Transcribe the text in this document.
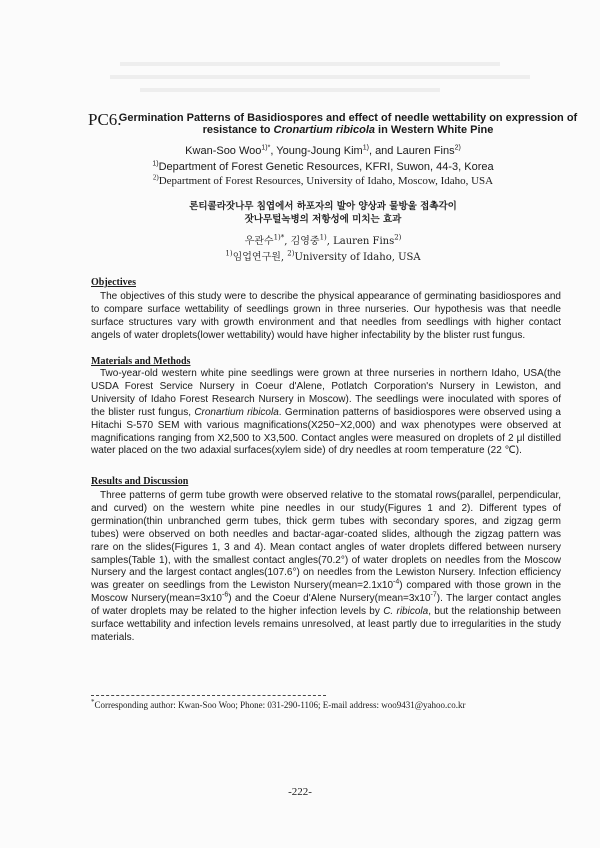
PC6.
Germination Patterns of Basidiospores and effect of needle wettability on expression of resistance to Cronartium ribicola in Western White Pine
Kwan-Soo Woo$^{1)*}$, Young-Joung Kim$^{1)}$, and Lauren Fins$^{2)}$
$^{1)}$Department of Forest Genetic Resources, KFRI, Suwon, 44-3, Korea
$^{2)}$Department of Forest Resources, University of Idaho, Moscow, Idaho, USA
론티콜라잣나무 침엽에서 하포자의 발아 양상과 물방울 접촉각이
잣나무털녹병의 저항성에 미치는 효과
우관수$^{1)*}$, 김영중$^{1)}$, Lauren Fins$^{2)}$
$^{1)}$임업연구원, $^{2)}$University of Idaho, USA
Objectives
The objectives of this study were to describe the physical appearance of germinating basidiospores and to compare surface wettability of seedlings grown in three nurseries. Our hypothesis was that needle surface structures vary with growth environment and that needles from seedlings with higher contact angels of water droplets(lower wettability) would have higher infectability by the blister rust fungus.
Materials and Methods
Two-year-old western white pine seedlings were grown at three nurseries in northern Idaho, USA(the USDA Forest Service Nursery in Coeur d'Alene, Potlatch Corporation's Nursery in Lewiston, and University of Idaho Forest Research Nursery in Moscow). The seedlings were inoculated with spores of the blister rust fungus, Cronartium ribicola. Germination patterns of basidiospores were observed using a Hitachi S-570 SEM with various magnifications(X250~X2,000) and wax phenotypes were observed at magnifications ranging from X2,500 to X3,500. Contact angles were measured on droplets of 2 μl distilled water placed on the two adaxial surfaces(xylem side) of dry needles at room temperature (22 ℃).
Results and Discussion
Three patterns of germ tube growth were observed relative to the stomatal rows(parallel, perpendicular, and curved) on the western white pine needles in our study(Figures 1 and 2). Different types of germination(thin unbranched germ tubes, thick germ tubes with secondary spores, and zigzag germ tubes) were observed on both needles and bactar-agar-coated slides, although the zigzag pattern was rare on the slides(Figures 1, 3 and 4). Mean contact angles of water droplets differed between nursery samples(Table 1), with the smallest contact angles(70.2°) of water droplets on needles from the Moscow Nursery and the largest contact angles(107.6°) on needles from the Lewiston Nursery. Infection efficiency was greater on seedlings from the Lewiston $Nursery(mean=2.1x10^{-4})$ compared with those grown in the Moscow $Nursery(mean=3x10^{-6})$ and the Coeur d'Alene $Nursery(mean=3x10^{-7})$. The larger contact angles of water droplets may be related to the higher infection levels by C. ribicola, but the relationship between surface wettability and infection levels remains unresolved, at least partly due to irregularities in the study materials.
*Corresponding author: Kwan-Soo Woo; Phone: 031-290-1106; E-mail address: woo9431@yahoo.co.kr
-222-
